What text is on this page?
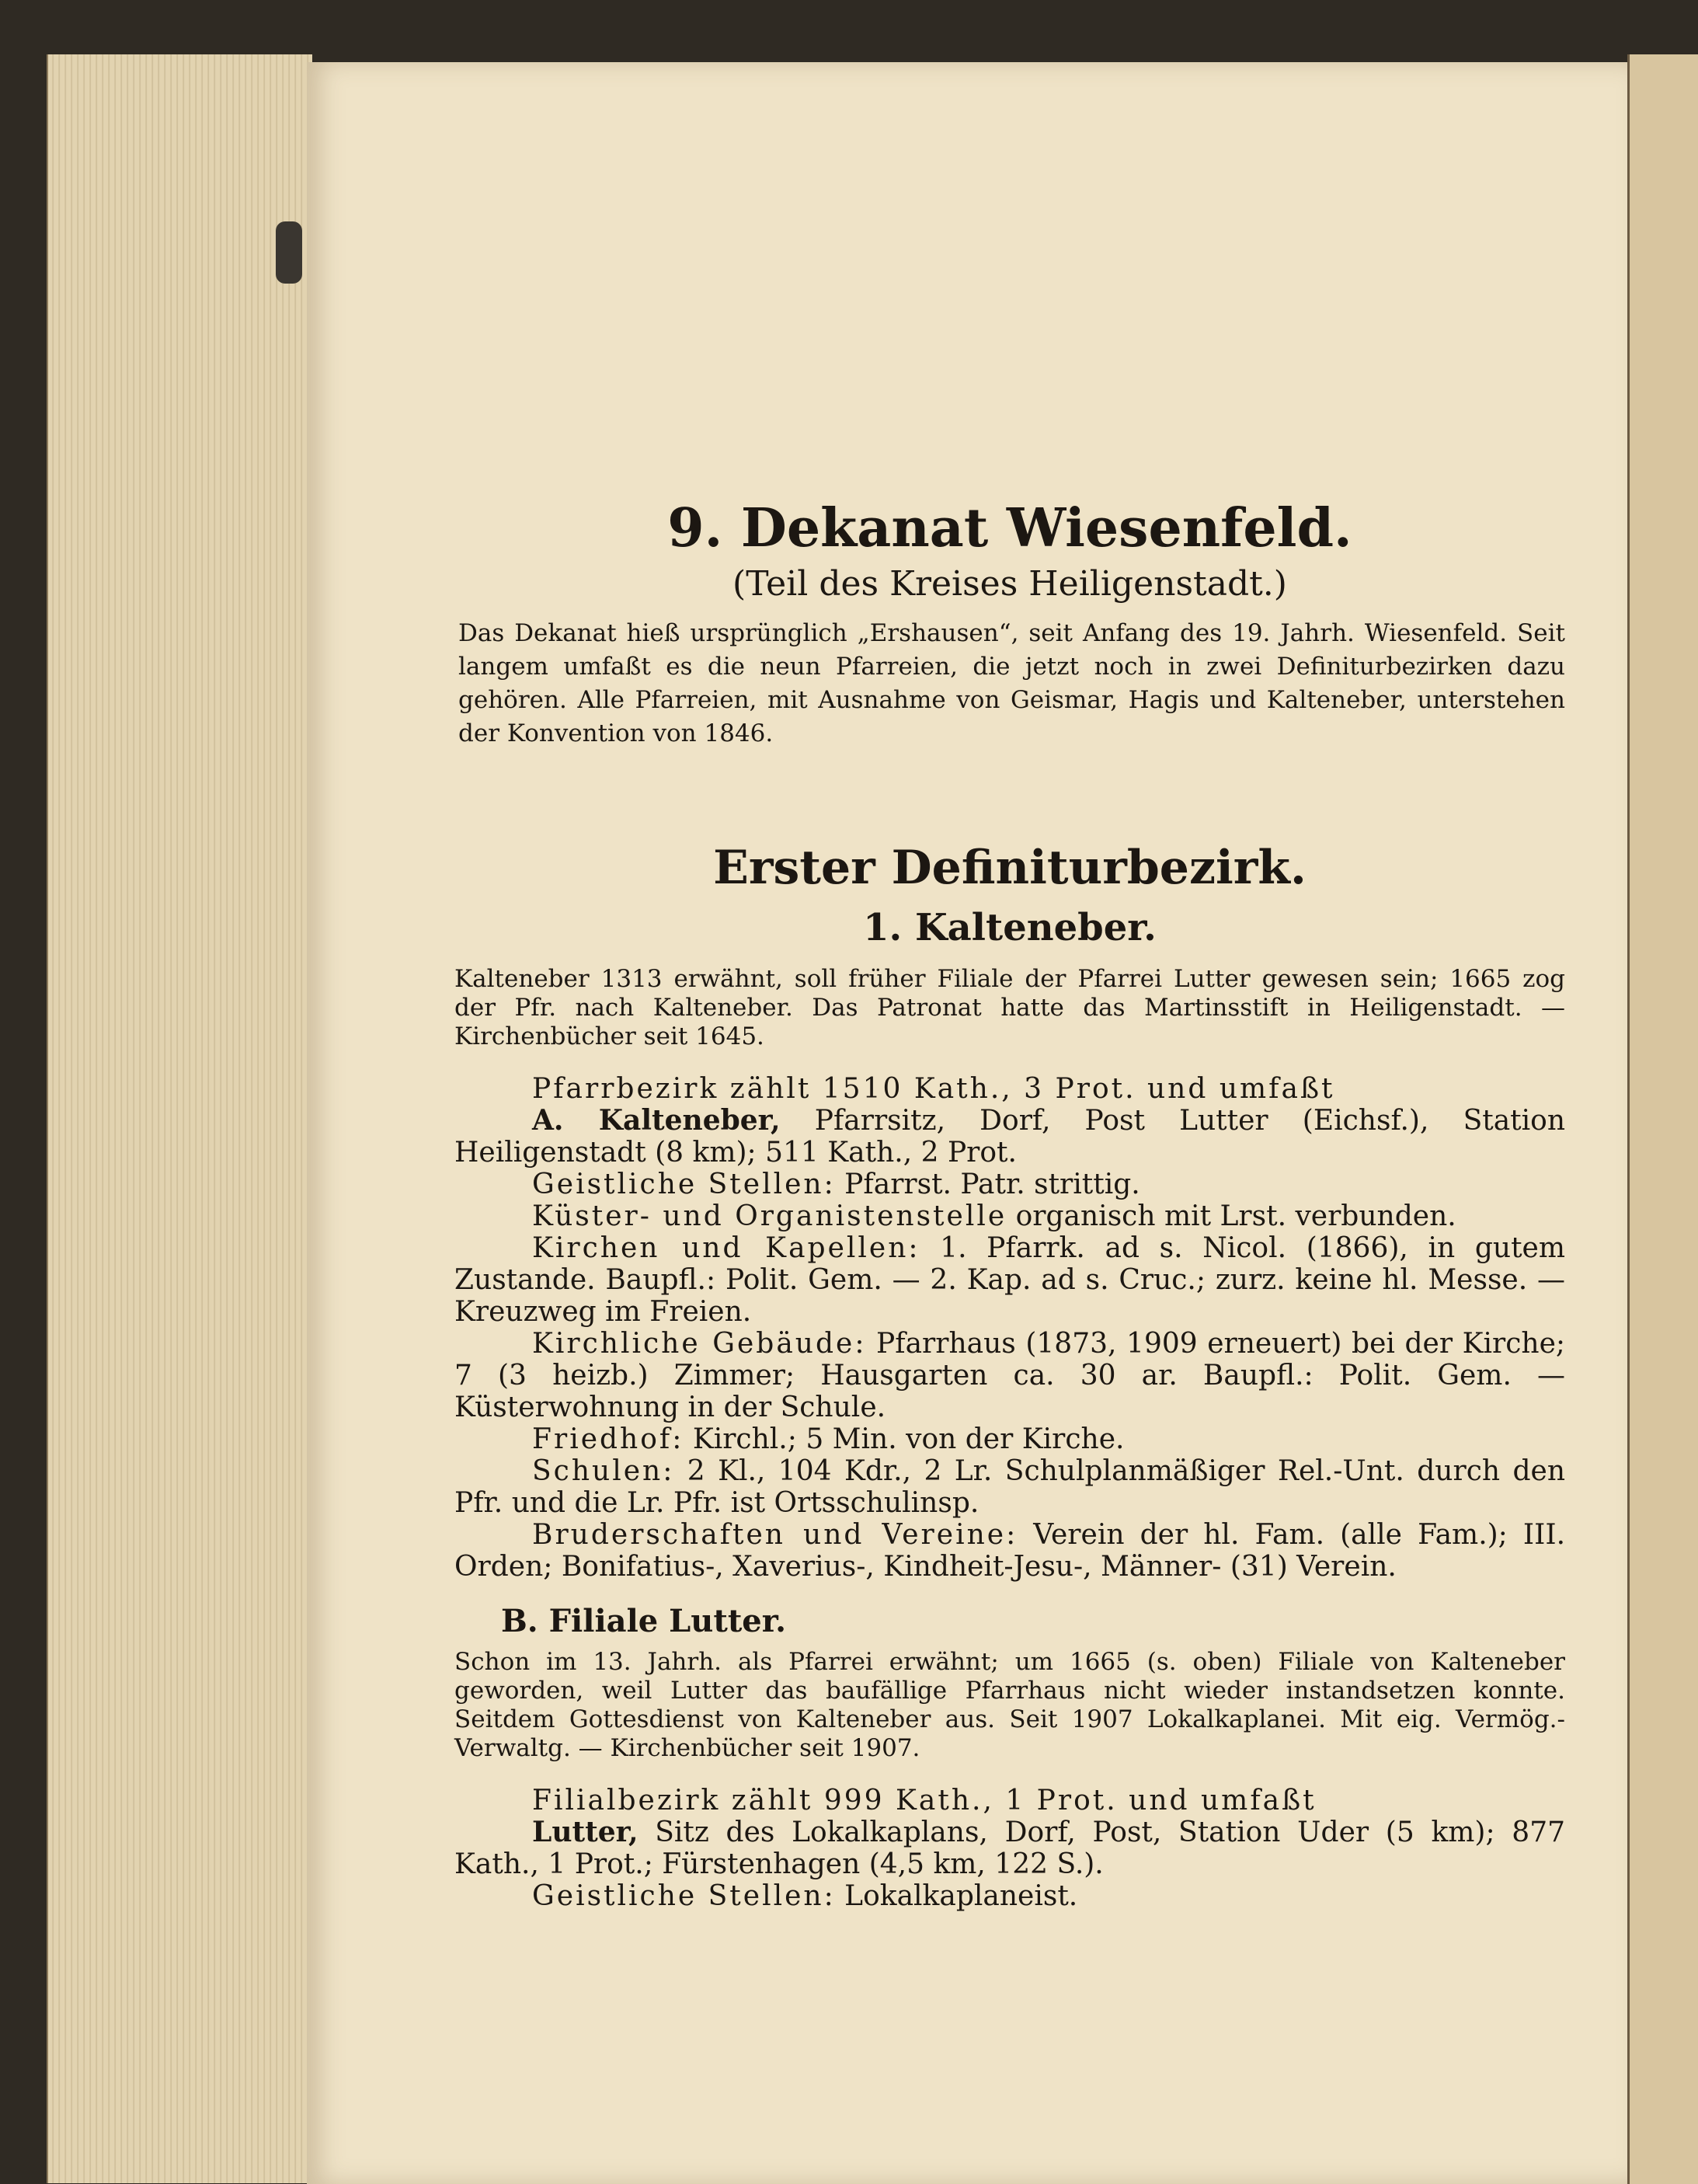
9. Dekanat Wiesenfeld.

(Teil des Kreises Heiligenstadt.)

Das Dekanat hieß ursprünglich „Ershausen“, seit Anfang des 19. Jahrh. Wiesenfeld. Seit langem umfaßt es die neun Pfarreien, die jetzt noch in zwei Definiturbezirken dazu gehören. Alle Pfarreien, mit Ausnahme von Geismar, Hagis und Kalteneber, unterstehen der Konvention von 1846.

Erster Definiturbezirk.

1. Kalteneber.

Kalteneber 1313 erwähnt, soll früher Filiale der Pfarrei Lutter gewesen sein; 1665 zog der Pfr. nach Kalteneber. Das Patronat hatte das Martinsstift in Heiligenstadt. — Kirchenbücher seit 1645.

Pfarrbezirk zählt 1510 Kath., 3 Prot. und umfaßt

A. Kalteneber, Pfarrsitz, Dorf, Post Lutter (Eichsf.), Station Heiligenstadt (8 km); 511 Kath., 2 Prot.

Geistliche Stellen: Pfarrst. Patr. strittig.

Küster- und Organistenstelle organisch mit Lrst. verbunden.

Kirchen und Kapellen: 1. Pfarrk. ad s. Nicol. (1866), in gutem Zustande. Baupfl.: Polit. Gem. — 2. Kap. ad s. Cruc.; zurz. keine hl. Messe. — Kreuzweg im Freien.

Kirchliche Gebäude: Pfarrhaus (1873, 1909 erneuert) bei der Kirche; 7 (3 heizb.) Zimmer; Hausgarten ca. 30 ar. Baupfl.: Polit. Gem. — Küsterwohnung in der Schule.

Friedhof: Kirchl.; 5 Min. von der Kirche.

Schulen: 2 Kl., 104 Kdr., 2 Lr. Schulplanmäßiger Rel.-Unt. durch den Pfr. und die Lr. Pfr. ist Ortsschulinsp.

Bruderschaften und Vereine: Verein der hl. Fam. (alle Fam.); III. Orden; Bonifatius-, Xaverius-, Kindheit-Jesu-, Männer- (31) Verein.

B. Filiale Lutter.

Schon im 13. Jahrh. als Pfarrei erwähnt; um 1665 (s. oben) Filiale von Kalteneber geworden, weil Lutter das baufällige Pfarrhaus nicht wieder instandsetzen konnte. Seitdem Gottesdienst von Kalteneber aus. Seit 1907 Lokalkaplanei. Mit eig. Vermög.-Verwaltg. — Kirchenbücher seit 1907.

Filialbezirk zählt 999 Kath., 1 Prot. und umfaßt

Lutter, Sitz des Lokalkaplans, Dorf, Post, Station Uder (5 km); 877 Kath., 1 Prot.; Fürstenhagen (4,5 km, 122 S.).

Geistliche Stellen: Lokalkaplaneist.
